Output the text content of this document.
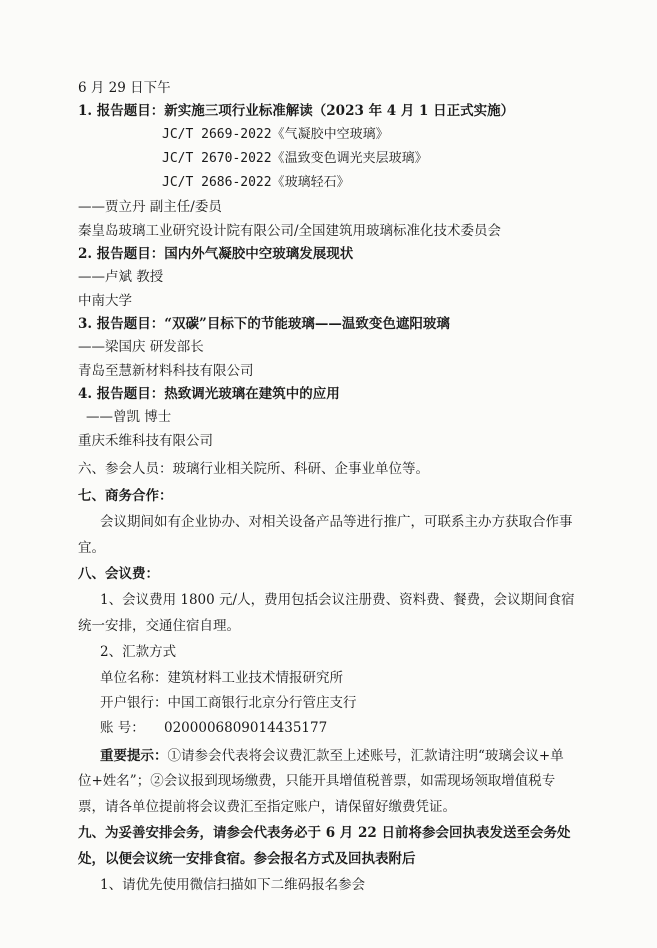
6 月 29 日下午
1. 报告题目：新实施三项行业标准解读（2023 年 4 月 1 日正式实施）
JC/T 2669-2022《气凝胶中空玻璃》
JC/T 2670-2022《温致变色调光夹层玻璃》
JC/T 2686-2022《玻璃轻石》
——贾立丹 副主任/委员
秦皇岛玻璃工业研究设计院有限公司/全国建筑用玻璃标准化技术委员会
2. 报告题目：国内外气凝胶中空玻璃发展现状
——卢斌 教授
中南大学
3. 报告题目：“双碳”目标下的节能玻璃——温致变色遮阳玻璃
——梁国庆 研发部长
青岛至慧新材料科技有限公司
4. 报告题目：热致调光玻璃在建筑中的应用
——曾凯 博士
重庆禾维科技有限公司
六、参会人员：玻璃行业相关院所、科研、企事业单位等。
七、商务合作：
会议期间如有企业协办、对相关设备产品等进行推广，可联系主办方获取合作事
宜。
八、会议费：
1、会议费用 1800 元/人，费用包括会议注册费、资料费、餐费，会议期间食宿
统一安排，交通住宿自理。
2、汇款方式
单位名称：建筑材料工业技术情报研究所
开户银行：中国工商银行北京分行管庄支行
账 号： 0200006809014435177
重要提示：①请参会代表将会议费汇款至上述账号，汇款请注明“玻璃会议+单
位+姓名”；②会议报到现场缴费，只能开具增值税普票，如需现场领取增值税专
票，请各单位提前将会议费汇至指定账户，请保留好缴费凭证。
九、为妥善安排会务，请参会代表务必于 6 月 22 日前将参会回执表发送至会务处
处，以便会议统一安排食宿。参会报名方式及回执表附后
1、请优先使用微信扫描如下二维码报名参会
